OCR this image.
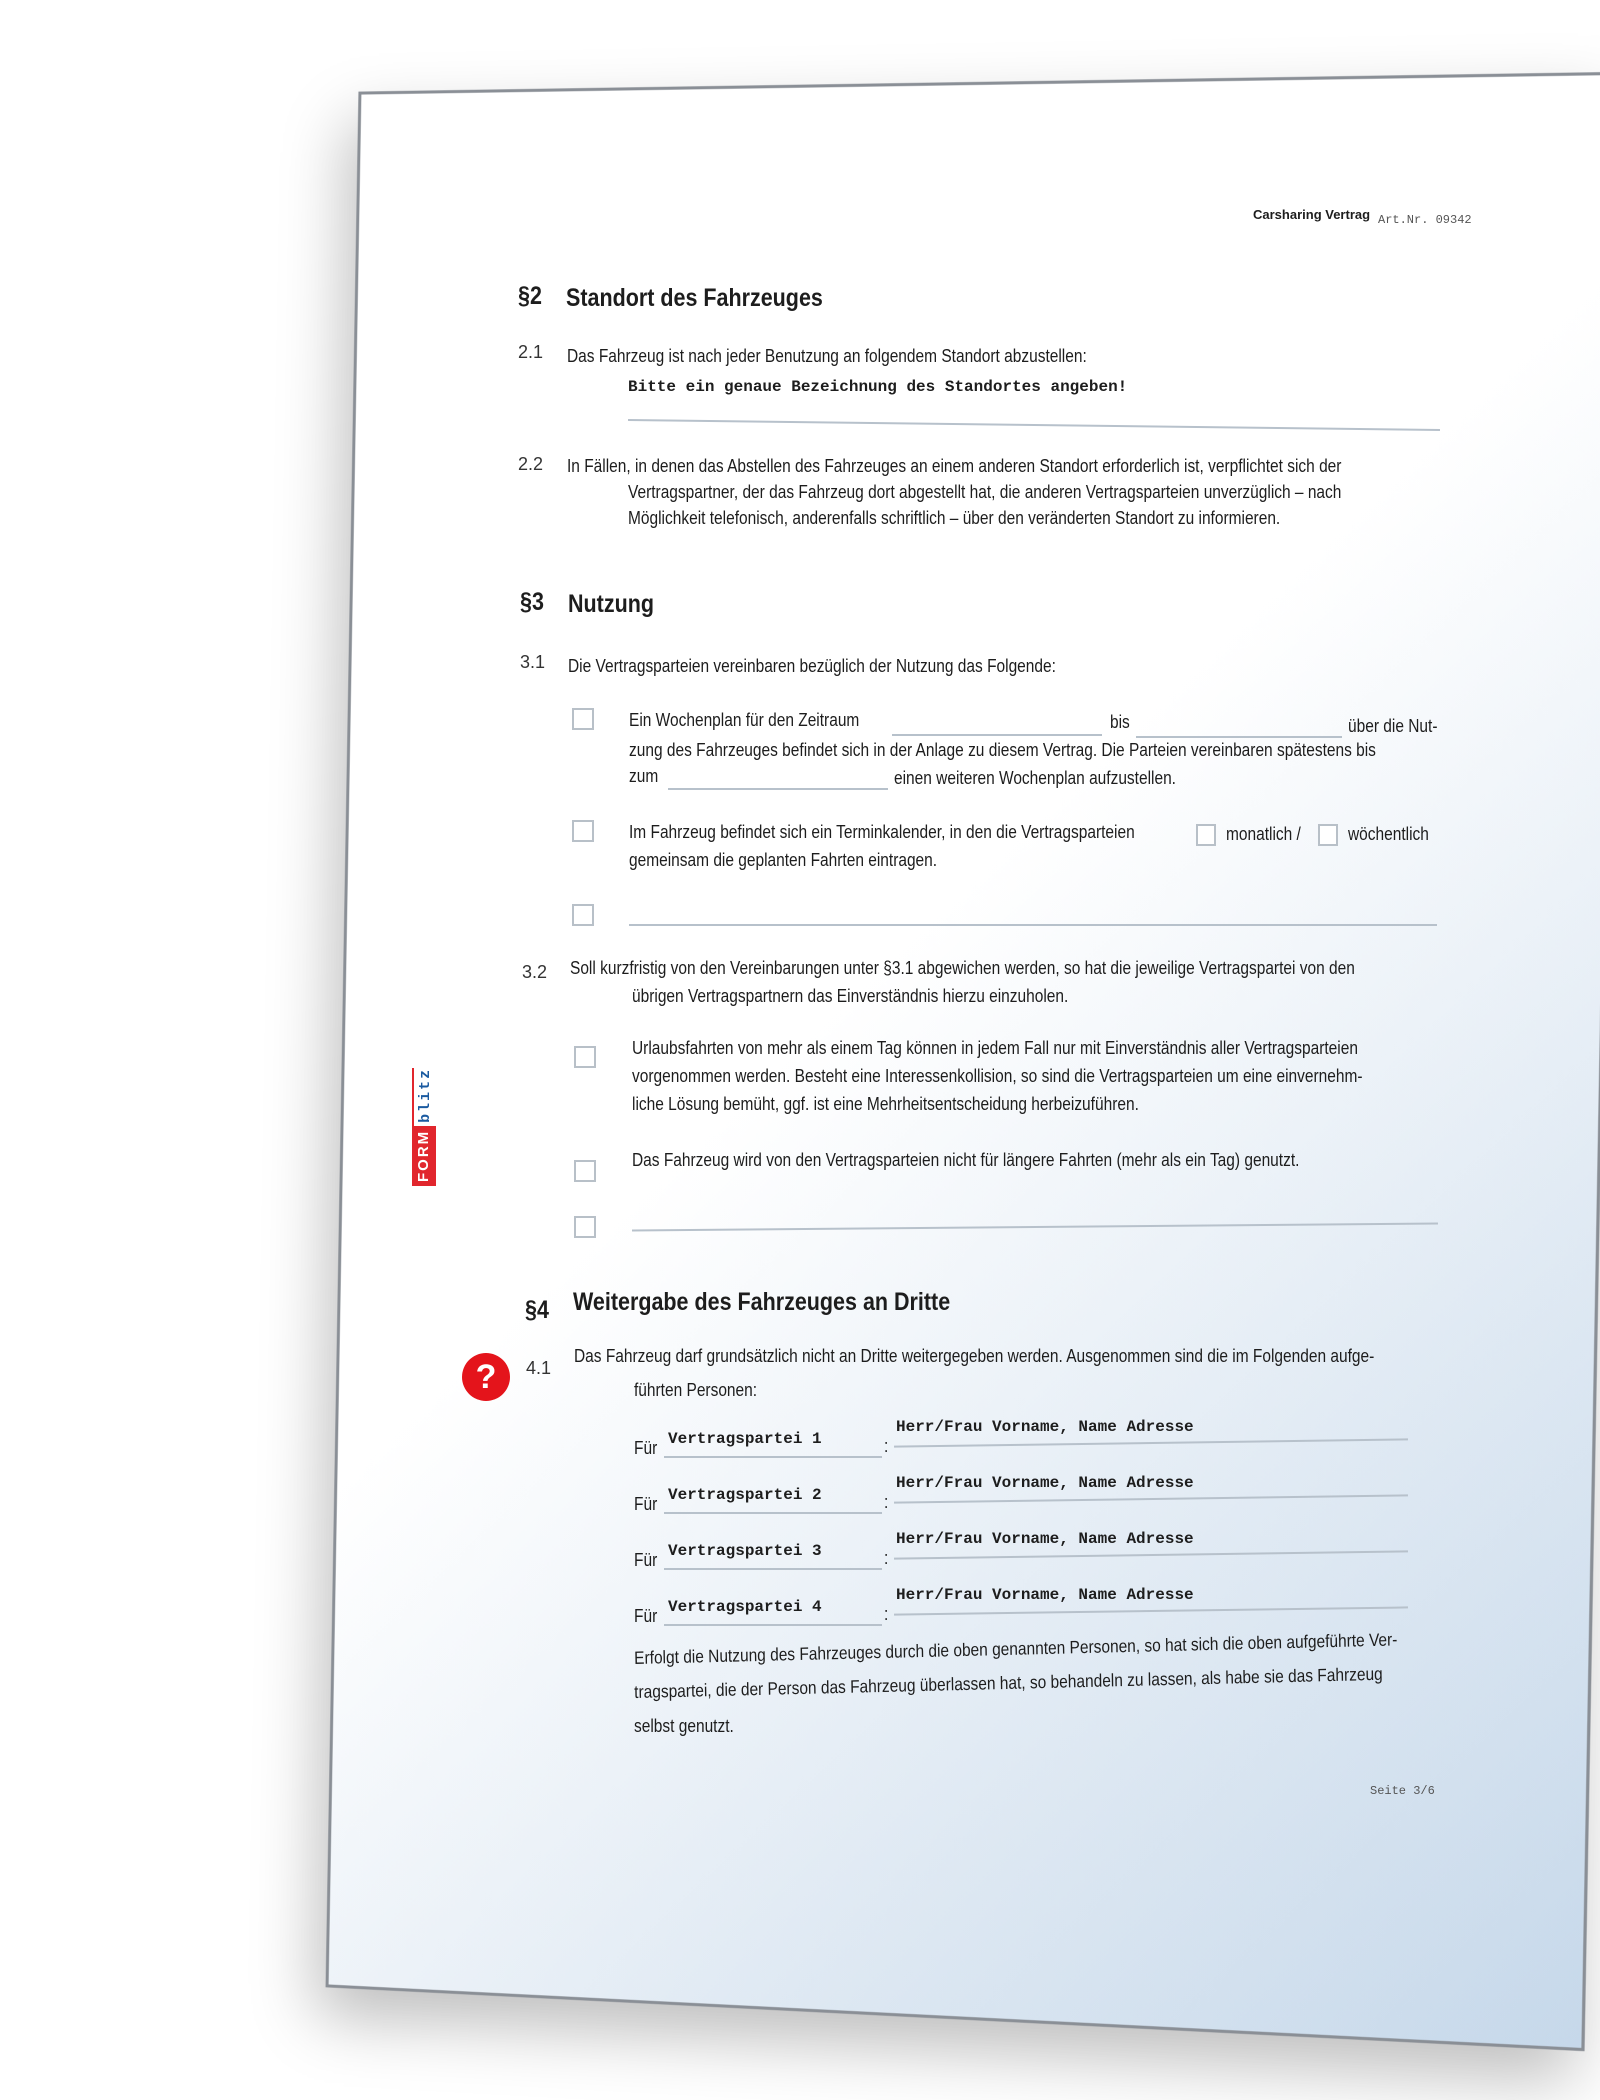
Carsharing Vertrag Art.Nr. 09342
FORM
blitz
§2 Standort des Fahrzeuges
2.1 Das Fahrzeug ist nach jeder Benutzung an folgendem Standort abzustellen:
Bitte ein genaue Bezeichnung des Standortes angeben!
2.2 In Fällen, in denen das Abstellen des Fahrzeuges an einem anderen Standort erforderlich ist, verpflichtet sich der
Vertragspartner, der das Fahrzeug dort abgestellt hat, die anderen Vertragsparteien unverzüglich – nach
Möglichkeit telefonisch, anderenfalls schriftlich – über den veränderten Standort zu informieren.
§3 Nutzung
3.1 Die Vertragsparteien vereinbaren bezüglich der Nutzung das Folgende:
Ein Wochenplan für den Zeitraum	bis	über die Nut-
zung des Fahrzeuges befindet sich in der Anlage zu diesem Vertrag. Die Parteien vereinbaren spätestens bis
zum	einen weiteren Wochenplan aufzustellen.
Im Fahrzeug befindet sich ein Terminkalender, in den die Vertragsparteien	monatlich /	wöchentlich
gemeinsam die geplanten Fahrten eintragen.
3.2 Soll kurzfristig von den Vereinbarungen unter §3.1 abgewichen werden, so hat die jeweilige Vertragspartei von den
übrigen Vertragspartnern das Einverständnis hierzu einzuholen.
Urlaubsfahrten von mehr als einem Tag können in jedem Fall nur mit Einverständnis aller Vertragsparteien
vorgenommen werden. Besteht eine Interessenkollision, so sind die Vertragsparteien um eine einvernehm-
liche Lösung bemüht, ggf. ist eine Mehrheitsentscheidung herbeizuführen.
Das Fahrzeug wird von den Vertragsparteien nicht für längere Fahrten (mehr als ein Tag) genutzt.
§4 Weitergabe des Fahrzeuges an Dritte
?	4.1
Das Fahrzeug darf grundsätzlich nicht an Dritte weitergegeben werden. Ausgenommen sind die im Folgenden aufge-
führten Personen:
Für Vertragspartei 1	:
Herr/Frau Vorname, Name Adresse
Für Vertragspartei 2	:
Herr/Frau Vorname, Name Adresse
Für Vertragspartei 3	:
Herr/Frau Vorname, Name Adresse
Für Vertragspartei 4	:
Herr/Frau Vorname, Name Adresse
Erfolgt die Nutzung des Fahrzeuges durch die oben genannten Personen, so hat sich die oben aufgeführte Ver-
tragspartei, die der Person das Fahrzeug überlassen hat, so behandeln zu lassen, als habe sie das Fahrzeug
selbst genutzt.
Seite 3/6
